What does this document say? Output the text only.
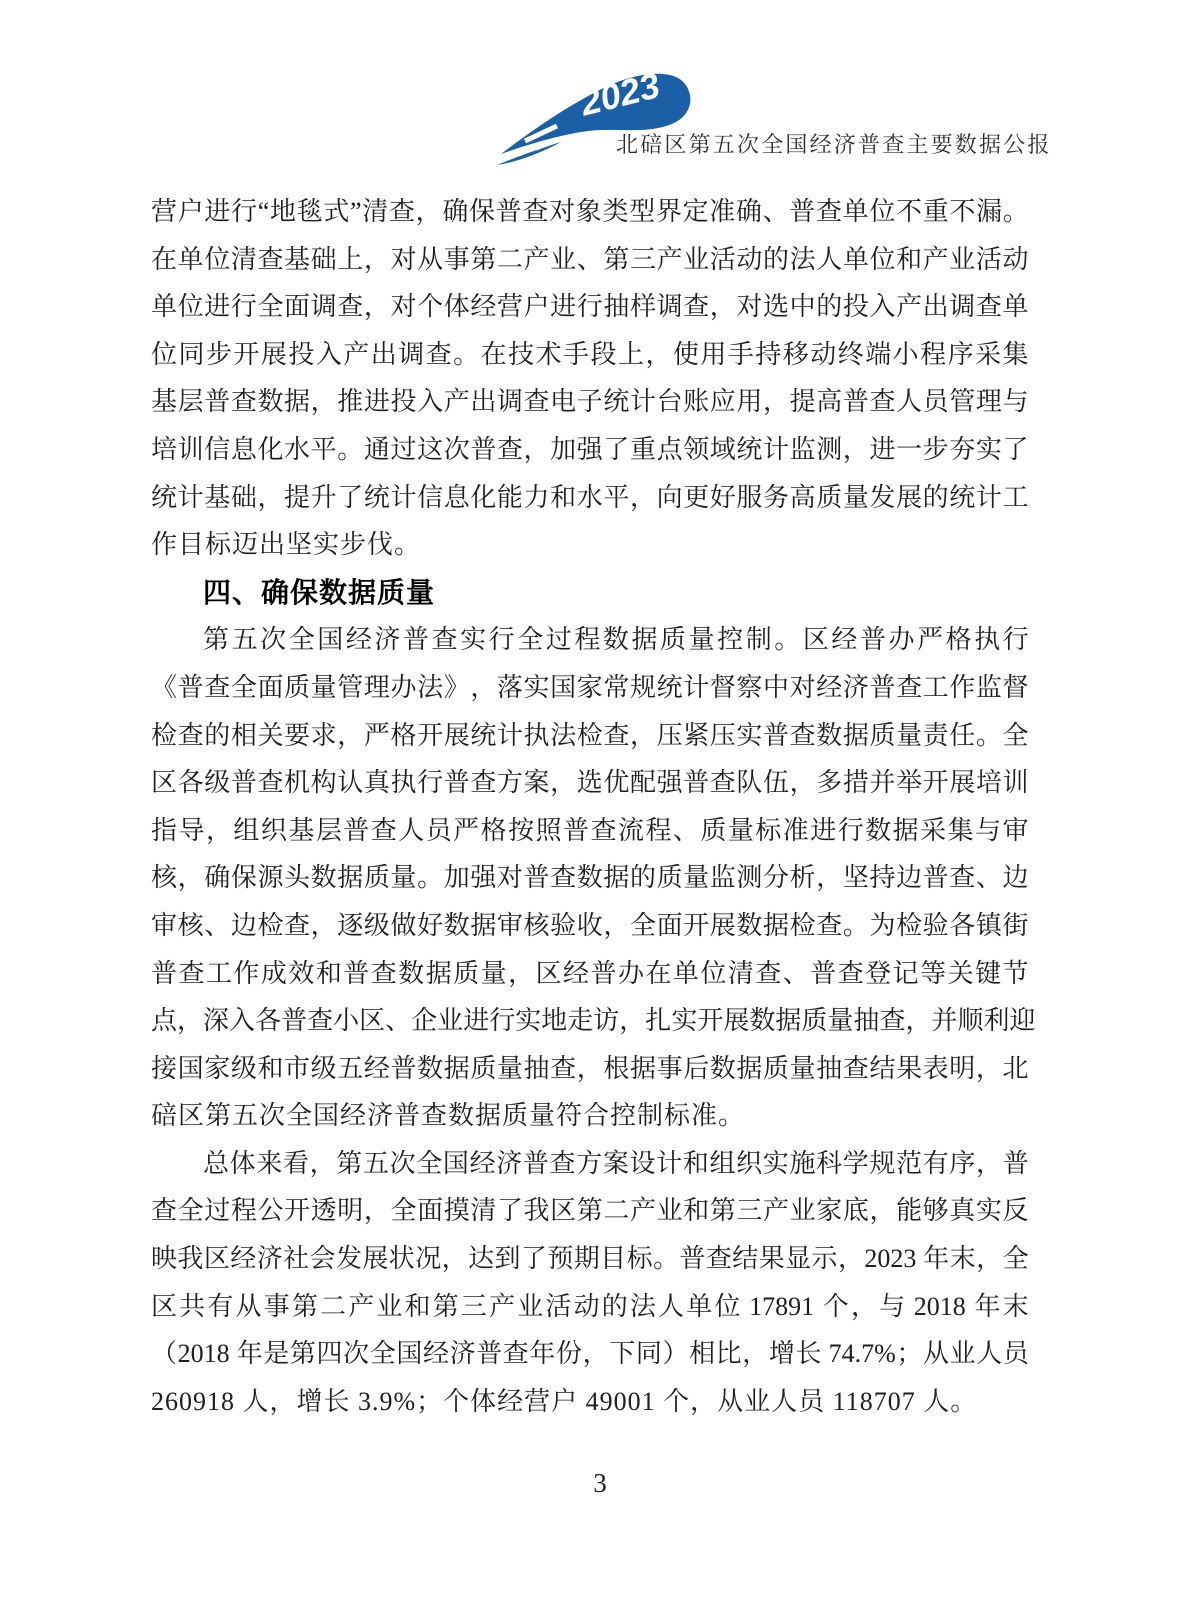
2023
北碚区第五次全国经济普查主要数据公报
营 户 进 行 “ 地 毯 式 ” 清 查 ， 确 保 普 查 对 象 类 型 界 定 准 确 、 普 查 单 位 不 重 不 漏 。
在 单 位 清 查 基 础 上 ， 对 从 事 第 二 产 业 、 第 三 产 业 活 动 的 法 人 单 位 和 产 业 活 动
单 位 进 行 全 面 调 查 ， 对 个 体 经 营 户 进 行 抽 样 调 查 ， 对 选 中 的 投 入 产 出 调 查 单
位 同 步 开 展 投 入 产 出 调 查 。 在 技 术 手 段 上 ， 使 用 手 持 移 动 终 端 小 程 序 采 集
基 层 普 查 数 据 ， 推 进 投 入 产 出 调 查 电 子 统 计 台 账 应 用 ， 提 高 普 查 人 员 管 理 与
培 训 信 息 化 水 平 。 通 过 这 次 普 查 ， 加 强 了 重 点 领 域 统 计 监 测 ， 进 一 步 夯 实 了
统 计 基 础 ， 提 升 了 统 计 信 息 化 能 力 和 水 平 ， 向 更 好 服 务 高 质 量 发 展 的 统 计 工
作目标迈出坚实步伐。
四、确保数据质量
第 五 次 全 国 经 济 普 查 实 行 全 过 程 数 据 质 量 控 制 。 区 经 普 办 严 格 执 行
《 普 查 全 面 质 量 管 理 办 法 》 ， 落 实 国 家 常 规 统 计 督 察 中 对 经 济 普 查 工 作 监 督
检 查 的 相 关 要 求 ， 严 格 开 展 统 计 执 法 检 查 ， 压 紧 压 实 普 查 数 据 质 量 责 任 。 全
区 各 级 普 查 机 构 认 真 执 行 普 查 方 案 ， 选 优 配 强 普 查 队 伍 ， 多 措 并 举 开 展 培 训
指 导 ， 组 织 基 层 普 查 人 员 严 格 按 照 普 查 流 程 、 质 量 标 准 进 行 数 据 采 集 与 审
核 ， 确 保 源 头 数 据 质 量 。 加 强 对 普 查 数 据 的 质 量 监 测 分 析 ， 坚 持 边 普 查 、 边
审 核 、 边 检 查 ， 逐 级 做 好 数 据 审 核 验 收 ， 全 面 开 展 数 据 检 查 。 为 检 验 各 镇 街
普 查 工 作 成 效 和 普 查 数 据 质 量 ， 区 经 普 办 在 单 位 清 查 、 普 查 登 记 等 关 键 节
点 ， 深 入 各 普 查 小 区 、 企 业 进 行 实 地 走 访 ， 扎 实 开 展 数 据 质 量 抽 查 ， 并 顺 利 迎
接 国 家 级 和 市 级 五 经 普 数 据 质 量 抽 查 ， 根 据 事 后 数 据 质 量 抽 查 结 果 表 明 ， 北
碚区第五次全国经济普查数据质量符合控制标准。
总 体 来 看 ， 第 五 次 全 国 经 济 普 查 方 案 设 计 和 组 织 实 施 科 学 规 范 有 序 ， 普
查 全 过 程 公 开 透 明 ， 全 面 摸 清 了 我 区 第 二 产 业 和 第 三 产 业 家 底 ， 能 够 真 实 反
映 我 区 经 济 社 会 发 展 状 况 ， 达 到 了 预 期 目 标 。 普 查 结 果 显 示 ， 2023 年 末 ， 全
区 共 有 从 事 第 二 产 业 和 第 三 产 业 活 动 的 法 人 单 位 17891 个 ， 与 2018 年 末
（ 2018 年 是 第 四 次 全 国 经 济 普 查 年 份 ， 下 同 ） 相 比 ， 增 长 74.7% ； 从 业 人 员
260918 人，增长 3.9%；个体经营户 49001 个，从业人员 118707 人。
3
